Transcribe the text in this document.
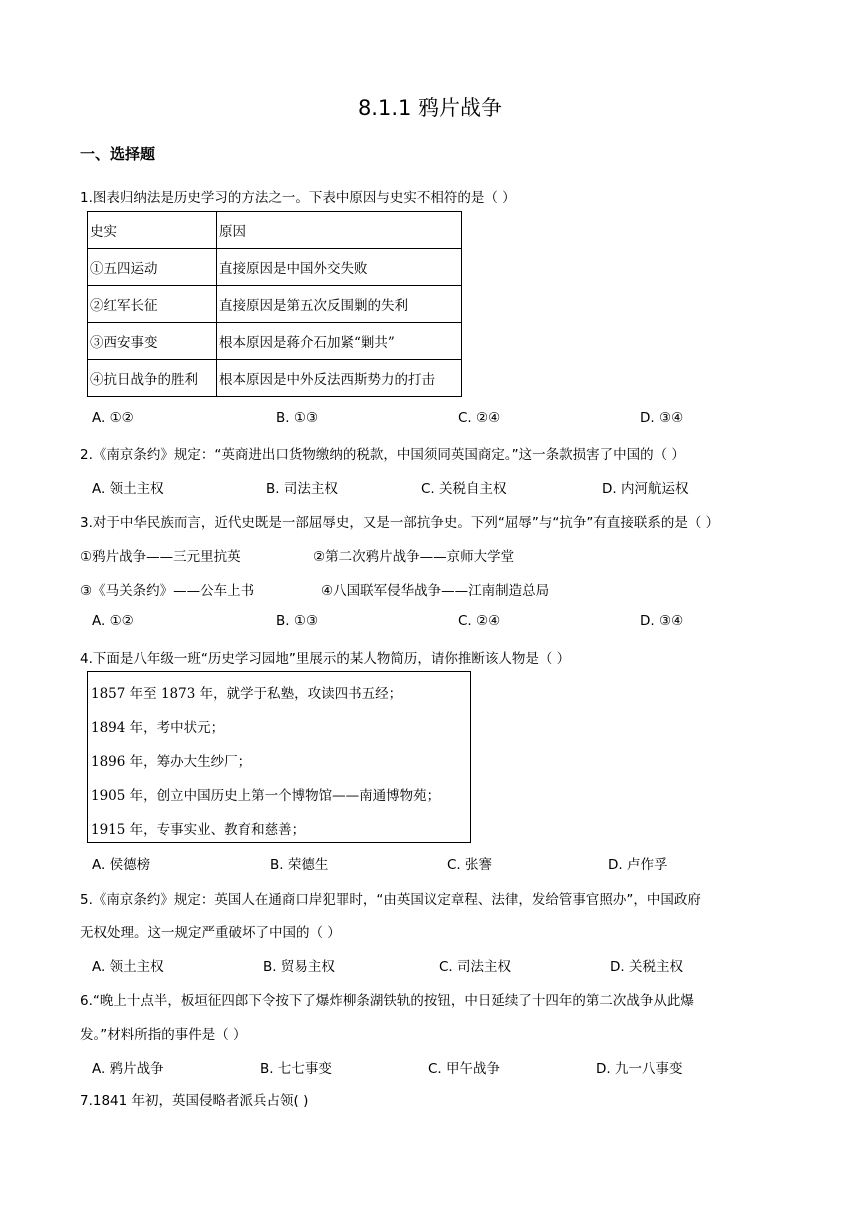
8.1.1 鸦片战争
一、选择题
1.图表归纳法是历史学习的方法之一。下表中原因与史实不相符的是（ ）
史实	原因
①五四运动	直接原因是中国外交失败
②红军长征	直接原因是第五次反围剿的失利
③西安事变	根本原因是蒋介石加紧“剿共”
④抗日战争的胜利	根本原因是中外反法西斯势力的打击
A. ①②	B. ①③	C. ②④	D. ③④
2.《南京条约》规定：“英商进出口货物缴纳的税款，中国须同英国商定。”这一条款损害了中国的（ ）
A. 领土主权	B. 司法主权	C. 关税自主权	D. 内河航运权
3.对于中华民族而言，近代史既是一部屈辱史，又是一部抗争史。下列“屈辱”与“抗争”有直接联系的是（ ）
①鸦片战争——三元里抗英	②第二次鸦片战争——京师大学堂
③《马关条约》——公车上书	④八国联军侵华战争——江南制造总局
A. ①②	B. ①③	C. ②④	D. ③④
4.下面是八年级一班“历史学习园地”里展示的某人物简历，请你推断该人物是（ ）
1857 年至 1873 年，就学于私塾，攻读四书五经；
1894 年，考中状元；
1896 年，筹办大生纱厂；
1905 年，创立中国历史上第一个博物馆——南通博物苑；
1915 年，专事实业、教育和慈善；
A. 侯德榜	B. 荣德生	C. 张謇	D. 卢作孚
5.《南京条约》规定：英国人在通商口岸犯罪时，“由英国议定章程、法律，发给管事官照办”，中国政府
无权处理。这一规定严重破坏了中国的（ ）
A. 领土主权	B. 贸易主权	C. 司法主权	D. 关税主权
6.“晚上十点半，板垣征四郎下令按下了爆炸柳条湖铁轨的按钮，中日延续了十四年的第二次战争从此爆
发。”材料所指的事件是（ ）
A. 鸦片战争	B. 七七事变	C. 甲午战争	D. 九一八事变
7.1841 年初，英国侵略者派兵占领( )
